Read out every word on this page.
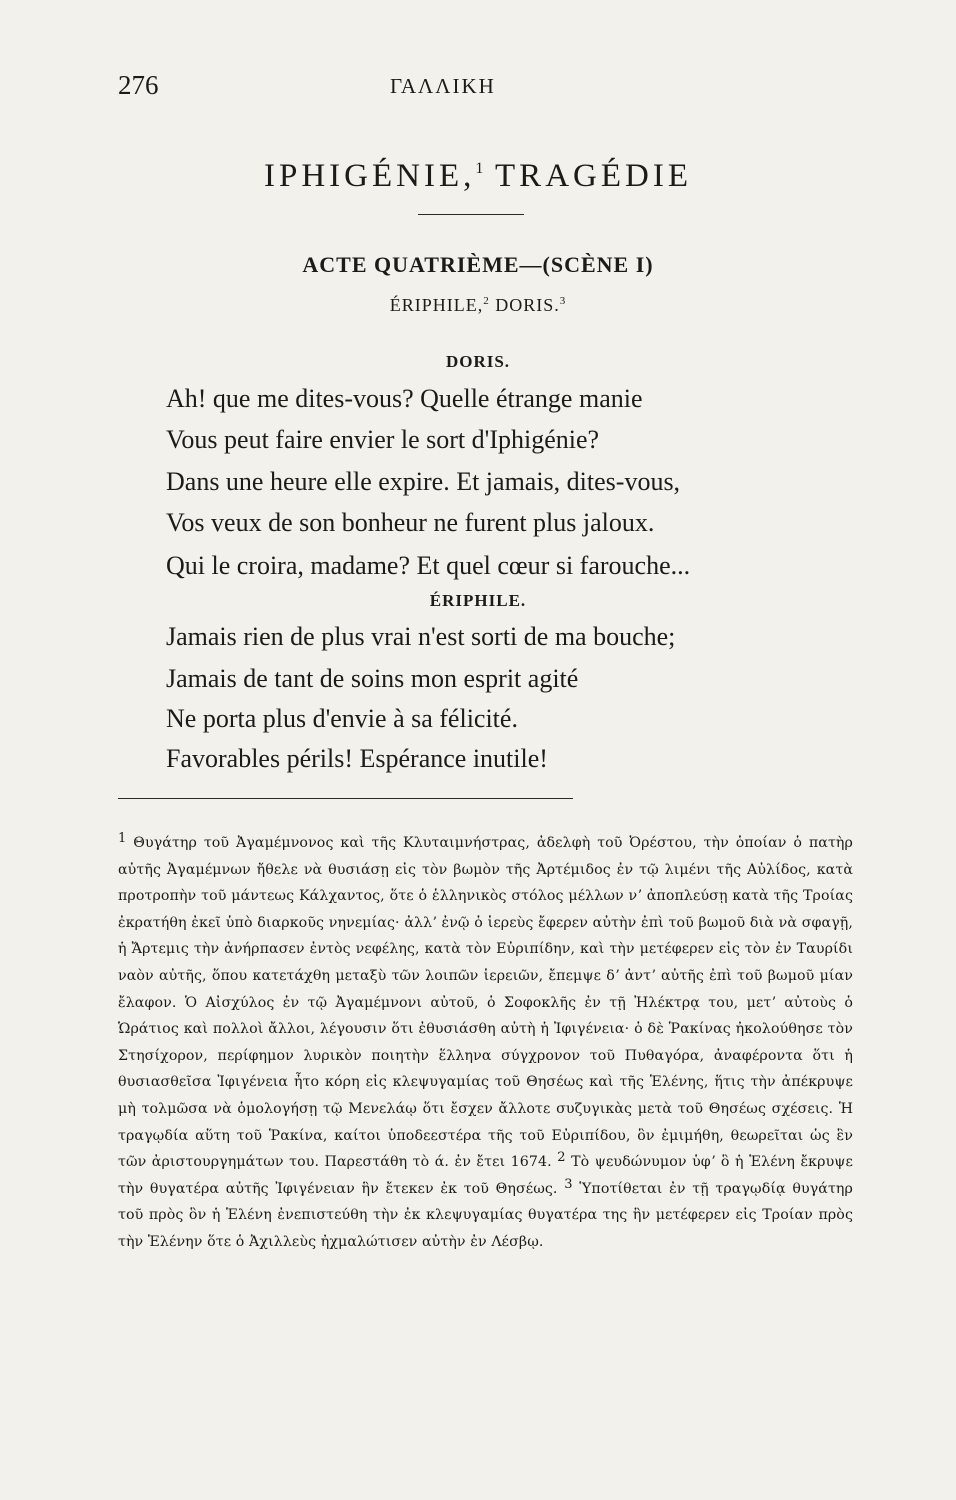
276	ΓΑΛΛΙΚΗ
IPHIGÉNIE,$^1$ TRAGÉDIE
ACTE QUATRIÈME—(SCÈNE I)
ÉRIPHILE,$^2$ DORIS.$^3$
DORIS.
Ah! que me dites-vous? Quelle étrange manie
Vous peut faire envier le sort d'Iphigénie?
Dans une heure elle expire. Et jamais, dites-vous,
Vos veux de son bonheur ne furent plus jaloux.
Qui le croira, madame? Et quel cœur si farouche...
ÉRIPHILE.
Jamais rien de plus vrai n'est sorti de ma bouche;
Jamais de tant de soins mon esprit agité
Ne porta plus d'envie à sa félicité.
Favorables périls! Espérance inutile!
1 Θυγάτηρ τοῦ Ἀγαμέμνονος καὶ τῆς Κλυταιμνήστρας, ἀδελφὴ τοῦ Ὀρέστου, τὴν ὁποίαν ὁ πατὴρ αὐτῆς Ἀγαμέμνων ἤθελε νὰ θυσιάσῃ εἰς τὸν βωμὸν τῆς Ἀρτέμιδος ἐν τῷ λιμένι τῆς Αὐλίδος, κατὰ προτροπὴν τοῦ μάντεως Κάλχαντος, ὅτε ὁ ἑλληνικὸς στόλος μέλλων νʼ ἀποπλεύσῃ κατὰ τῆς Τροίας ἐκρατήθη ἐκεῖ ὑπὸ διαρκοῦς νηνεμίας· ἀλλʼ ἐνῷ ὁ ἱερεὺς ἔφερεν αὐτὴν ἐπὶ τοῦ βωμοῦ διὰ νὰ σφαγῇ, ἡ Ἄρτεμις τὴν ἀνήρπασεν ἐντὸς νεφέλης, κατὰ τὸν Εὐριπίδην, καὶ τὴν μετέφερεν εἰς τὸν ἐν Ταυρίδι ναὸν αὐτῆς, ὅπου κατετάχθη μεταξὺ τῶν λοιπῶν ἱερειῶν, ἔπεμψε δʼ ἀντʼ αὐτῆς ἐπὶ τοῦ βωμοῦ μίαν ἔλαφον. Ὁ Αἰσχύλος ἐν τῷ Ἀγαμέμνονι αὐτοῦ, ὁ Σοφοκλῆς ἐν τῇ Ἠλέκτρᾳ του, μετʼ αὐτοὺς ὁ Ὡράτιος καὶ πολλοὶ ἄλλοι, λέγουσιν ὅτι ἐθυσιάσθη αὐτὴ ἡ Ἰφιγένεια· ὁ δὲ Ῥακίνας ἠκολούθησε τὸν Στησίχορον, περίφημον λυρικὸν ποιητὴν ἕλληνα σύγχρονον τοῦ Πυθαγόρα, ἀναφέροντα ὅτι ἡ θυσιασθεῖσα Ἰφιγένεια ἦτο κόρη εἰς κλεψυγαμίας τοῦ Θησέως καὶ τῆς Ἑλένης, ἥτις τὴν ἀπέκρυψε μὴ τολμῶσα νὰ ὁμολογήσῃ τῷ Μενελάῳ ὅτι ἔσχεν ἄλλοτε συζυγικὰς μετὰ τοῦ Θησέως σχέσεις. Ἡ τραγῳδία αὕτη τοῦ Ῥακίνα, καίτοι ὑποδεεστέρα τῆς τοῦ Εὐριπίδου, ὃν ἐμιμήθη, θεωρεῖται ὡς ἓν τῶν ἀριστουργημάτων του. Παρεστάθη τὸ ά. ἐν ἔτει 1674. 2 Τὸ ψευδώνυμον ὑφʼ ὃ ἡ Ἑλένη ἔκρυψε τὴν θυγατέρα αὐτῆς Ἰφιγένειαν ἣν ἔτεκεν ἐκ τοῦ Θησέως. 3 Ὑποτίθεται ἐν τῇ τραγῳδίᾳ θυγάτηρ τοῦ πρὸς ὃν ἡ Ἑλένη ἐνεπιστεύθη τὴν ἐκ κλεψυγαμίας θυγατέρα της ἣν μετέφερεν εἰς Τροίαν πρὸς τὴν Ἑλένην ὅτε ὁ Ἀχιλλεὺς ἠχμαλώτισεν αὐτὴν ἐν Λέσβῳ.
